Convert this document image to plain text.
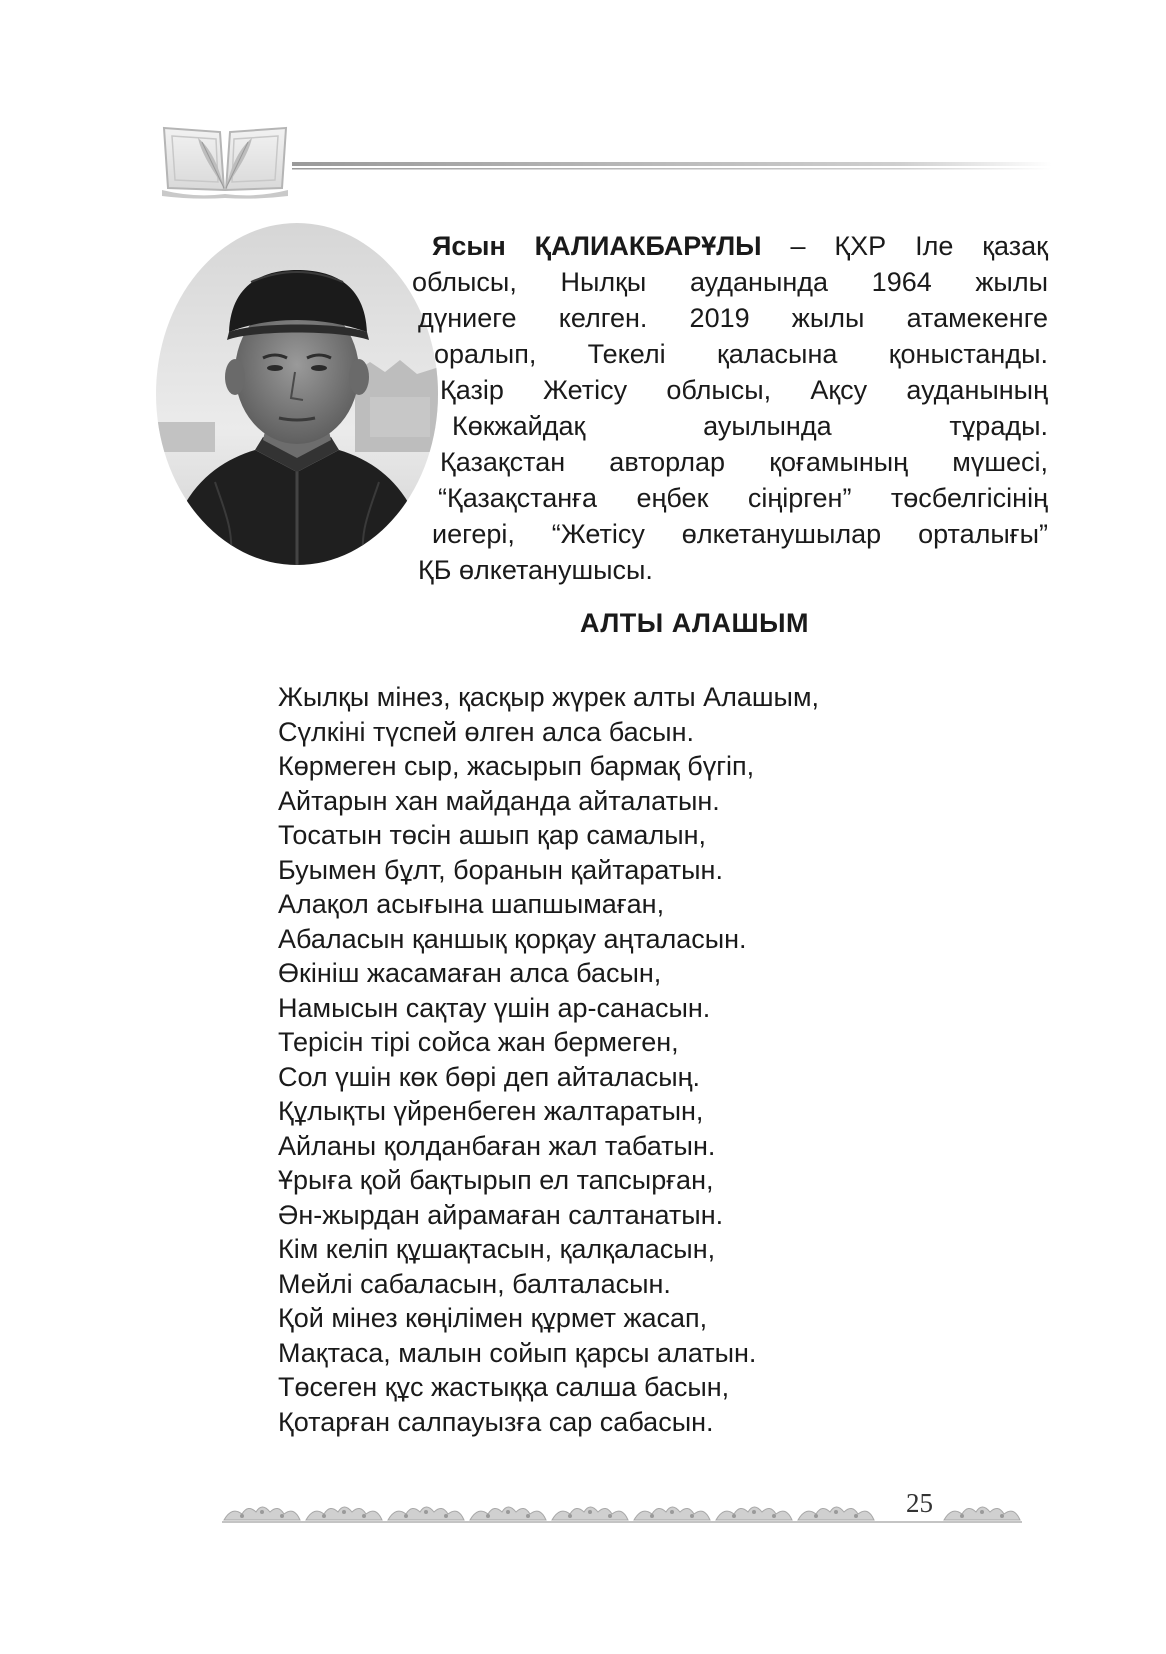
Ясын ҚАЛИАКБАРҰЛЫ – ҚХР Іле қазақ
облысы, Нылқы ауданында 1964 жылы
дүниеге келген. 2019 жылы атамекенге
оралып, Текелі қаласына қоныстанды.
Қазір Жетісу облысы, Ақсу ауданының
Көкжайдақ ауылында тұрады.
Қазақстан авторлар қоғамының мүшесі,
“Қазақстанға еңбек сіңірген” төсбелгісінің
иегері, “Жетісу өлкетанушылар орталығы”
ҚБ өлкетанушысы.
АЛТЫ АЛАШЫМ
Жылқы мінез, қасқыр жүрек алты Алашым,
Сүлкіні түспей өлген алса басын.
Көрмеген сыр, жасырып бармақ бүгіп,
Айтарын хан майданда айталатын.
Тосатын төсін ашып қар самалын,
Буымен бұлт, боранын қайтаратын.
Алақол асығына шапшымаған,
Абаласын қаншық қорқау аңталасын.
Өкініш жасамаған алса басын,
Намысын сақтау үшін ар-санасын.
Терісін тірі сойса жан бермеген,
Сол үшін көк бөрі деп айталасың.
Құлықты үйренбеген жалтаратын,
Айланы қолданбаған жал табатын.
Ұрыға қой бақтырып ел тапсырған,
Ән-жырдан айрамаған салтанатын.
Кім келіп құшақтасын, қалқаласын,
Мейлі сабаласын, балталасын.
Қой мінез көңілімен құрмет жасап,
Мақтаса, малын сойып қарсы алатын.
Төсеген құс жастыққа салша басын,
Қотарған салпауызға сар сабасын.
25
